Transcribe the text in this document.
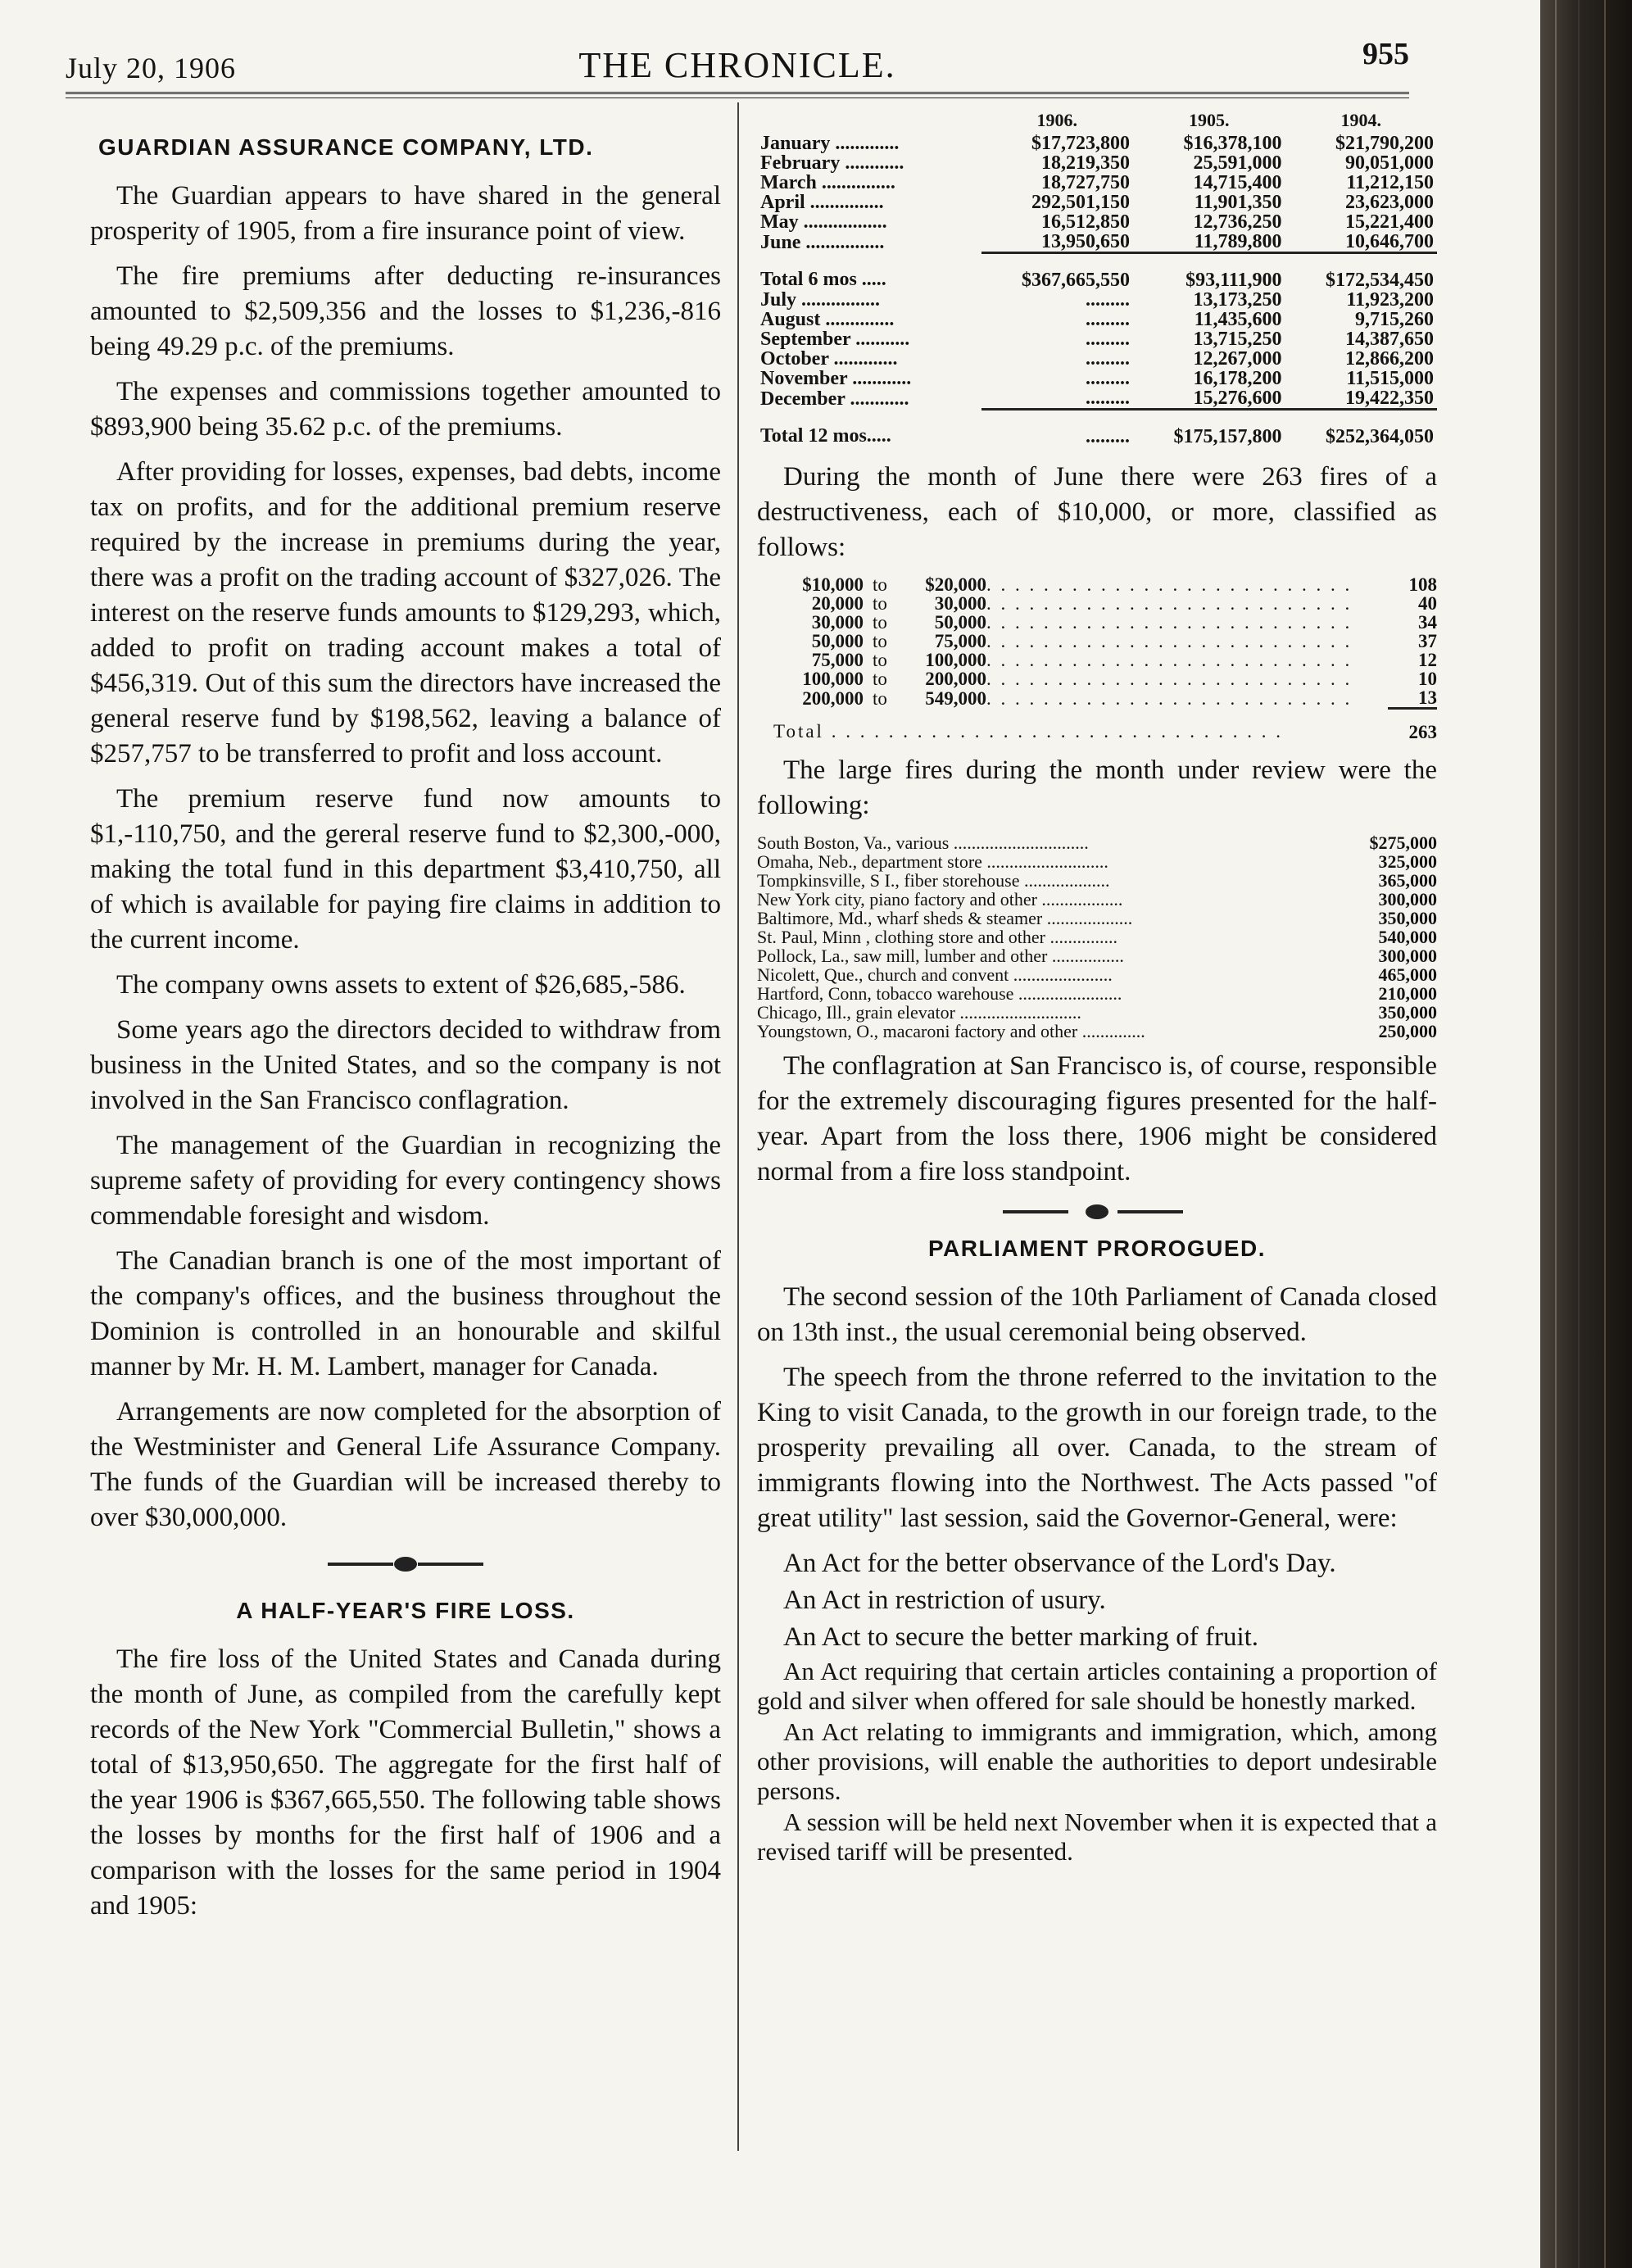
July 20, 1906	THE CHRONICLE.	955
GUARDIAN ASSURANCE COMPANY, LTD.

The Guardian appears to have shared in the general prosperity of 1905, from a fire insurance point of view.

The fire premiums after deducting re-insurances amounted to $2,509,356 and the losses to $1,236,-816 being 49.29 p.c. of the premiums.

The expenses and commissions together amounted to $893,900 being 35.62 p.c. of the premiums.

After providing for losses, expenses, bad debts, income tax on profits, and for the additional premium reserve required by the increase in premiums during the year, there was a profit on the trading account of $327,026. The interest on the reserve funds amounts to $129,293, which, added to profit on trading account makes a total of $456,319. Out of this sum the directors have increased the general reserve fund by $198,562, leaving a balance of $257,757 to be transferred to profit and loss account.

The premium reserve fund now amounts to $1,-110,750, and the gereral reserve fund to $2,300,-000, making the total fund in this department $3,410,750, all of which is available for paying fire claims in addition to the current income.

The company owns assets to extent of $26,685,-586.

Some years ago the directors decided to withdraw from business in the United States, and so the company is not involved in the San Francisco conflagration.

The management of the Guardian in recognizing the supreme safety of providing for every contingency shows commendable foresight and wisdom.

The Canadian branch is one of the most important of the company's offices, and the business throughout the Dominion is controlled in an honourable and skilful manner by Mr. H. M. Lambert, manager for Canada.

Arrangements are now completed for the absorption of the Westminister and General Life Assurance Company. The funds of the Guardian will be increased thereby to over $30,000,000.

A HALF-YEAR'S FIRE LOSS.

The fire loss of the United States and Canada during the month of June, as compiled from the carefully kept records of the New York "Commercial Bulletin," shows a total of $13,950,650. The aggregate for the first half of the year 1906 is $367,665,550. The following table shows the losses by months for the first half of 1906 and a comparison with the losses for the same period in 1904 and 1905:

	1906.	1905.	1904.
January .............	$17,723,800	$16,378,100	$21,790,200
February ............	18,219,350	25,591,000	90,051,000
March ...............	18,727,750	14,715,400	11,212,150
April ...............	292,501,150	11,901,350	23,623,000
May .................	16,512,850	12,736,250	15,221,400
June ................	13,950,650	11,789,800	10,646,700
Total 6 mos .....	$367,665,550	$93,111,900	$172,534,450
July ................	.........	13,173,250	11,923,200
August ..............	.........	11,435,600	9,715,260
September ...........	.........	13,715,250	14,387,650
October .............	.........	12,267,000	12,866,200
November ............	.........	16,178,200	11,515,000
December ............	.........	15,276,600	19,422,350
Total 12 mos.....	.........	$175,157,800	$252,364,050

During the month of June there were 263 fires of a destructiveness, each of $10,000, or more, classified as follows:

$10,000	to	$20,000	. . . . . . . . . . . . . . . . . . . . . . . . . .	108
20,000	to	30,000	. . . . . . . . . . . . . . . . . . . . . . . . . .	40
30,000	to	50,000	. . . . . . . . . . . . . . . . . . . . . . . . . .	34
50,000	to	75,000	. . . . . . . . . . . . . . . . . . . . . . . . . .	37
75,000	to	100,000	. . . . . . . . . . . . . . . . . . . . . . . . . .	12
100,000	to	200,000	. . . . . . . . . . . . . . . . . . . . . . . . . .	10
200,000	to	549,000	. . . . . . . . . . . . . . . . . . . . . . . . . .	13
Total . . . . . . . . . . . . . . . . . . . . . . . . . . . . . . . .				263

The large fires during the month under review were the following:

South Boston, Va., various ..............................	$275,000
Omaha, Neb., department store ...........................	325,000
Tompkinsville, S I., fiber storehouse ...................	365,000
New York city, piano factory and other ..................	300,000
Baltimore, Md., wharf sheds & steamer ...................	350,000
St. Paul, Minn , clothing store and other ...............	540,000
Pollock, La., saw mill, lumber and other ................	300,000
Nicolett, Que., church and convent ......................	465,000
Hartford, Conn, tobacco warehouse .......................	210,000
Chicago, Ill., grain elevator ...........................	350,000
Youngstown, O., macaroni factory and other ..............	250,000

The conflagration at San Francisco is, of course, responsible for the extremely discouraging figures presented for the half-year. Apart from the loss there, 1906 might be considered normal from a fire loss standpoint.

PARLIAMENT PROROGUED.

The second session of the 10th Parliament of Canada closed on 13th inst., the usual ceremonial being observed.

The speech from the throne referred to the invitation to the King to visit Canada, to the growth in our foreign trade, to the prosperity prevailing all over. Canada, to the stream of immigrants flowing into the Northwest. The Acts passed "of great utility" last session, said the Governor-General, were:

An Act for the better observance of the Lord's Day.

An Act in restriction of usury.

An Act to secure the better marking of fruit.

An Act requiring that certain articles containing a proportion of gold and silver when offered for sale should be honestly marked.

An Act relating to immigrants and immigration, which, among other provisions, will enable the authorities to deport undesirable persons.

A session will be held next November when it is expected that a revised tariff will be presented.
